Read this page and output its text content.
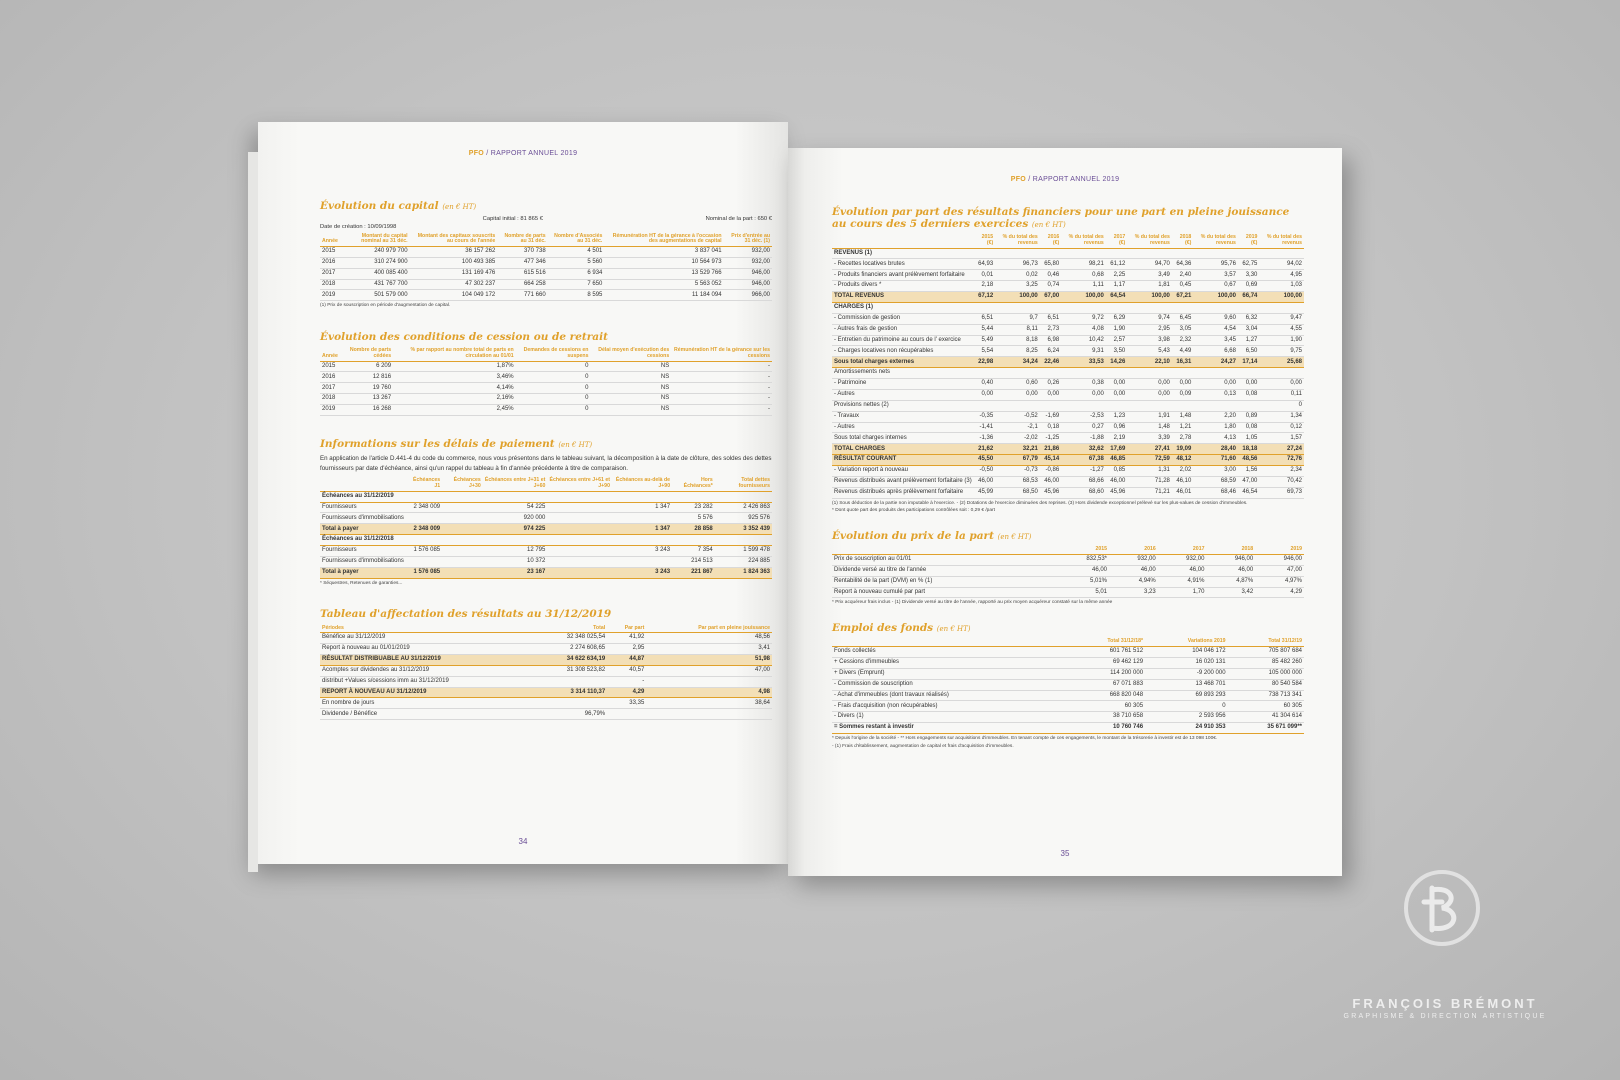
PFO / RAPPORT ANNUEL 2019
Évolution du capital (en € HT)
Capital initial : 81 865 €	Nominal de la part : 650 €
Date de création : 10/09/1998
Année	Montant du capital nominal au 31 déc.	Montant des capitaux souscrits au cours de l'année	Nombre de parts au 31 déc.	Nombre d'Associés au 31 déc.	Rémunération HT de la gérance à l'occasion des augmentations de capital	Prix d'entrée au 31 déc. (1)
2015	240 979 700	36 157 262	370 738	4 501	3 837 041	932,00
2016	310 274 900	100 493 385	477 346	5 560	10 564 973	932,00
2017	400 085 400	131 169 476	615 516	6 934	13 529 766	946,00
2018	431 767 700	47 302 237	664 258	7 650	5 563 052	946,00
2019	501 579 000	104 049 172	771 660	8 595	11 184 094	966,00
(1) Prix de souscription en période d'augmentation de capital.
Évolution des conditions de cession ou de retrait
Année	Nombre de parts cédées	% par rapport au nombre total de parts en circulation au 01/01	Demandes de cessions en suspens	Délai moyen d'exécution des cessions	Rémunération HT de la gérance sur les cessions
2015	6 209	1,87%	0	NS	-
2016	12 816	3,46%	0	NS	-
2017	19 760	4,14%	0	NS	-
2018	13 267	2,16%	0	NS	-
2019	16 268	2,45%	0	NS	-
Informations sur les délais de paiement (en € HT)

En application de l'article D.441-4 du code du commerce, nous vous présentons dans le tableau suivant, la décomposition à la date de clôture, des soldes des dettes fournisseurs par date d'échéance, ainsi qu'un rappel du tableau à fin d'année précédente à titre de comparaison.

	Échéances J1	Échéances J+30	Échéances entre J+31 et J+60	Échéances entre J+61 et J+90	Échéances au-delà de J+90	Hors Échéances*	Total dettes fournisseurs
Échéances au 31/12/2019							
Fournisseurs	2 348 009		54 225		1 347	23 282	2 426 863
Fournisseurs d'immobilisations			920 000			5 576	925 576
Total à payer	2 348 009		974 225		1 347	28 858	3 352 439
Échéances au 31/12/2018							
Fournisseurs	1 576 085		12 795		3 243	7 354	1 599 478
Fournisseurs d'immobilisations			10 372			214 513	224 885
Total à payer	1 576 085		23 167		3 243	221 867	1 824 363
* Séquestres, Retenues de garanties...
Tableau d'affectation des résultats au 31/12/2019
Périodes	Total	Par part	Par part en pleine jouissance
Bénéfice au 31/12/2019	32 348 025,54	41,92	48,56
Report à nouveau au 01/01/2019	2 274 608,65	2,95	3,41
RÉSULTAT DISTRIBUABLE AU 31/12/2019	34 622 634,19	44,87	51,98
Acomptes sur dividendes au 31/12/2019	31 308 523,82	40,57	47,00
distribut +Values s/cessions imm au 31/12/2019		-	
REPORT À NOUVEAU AU 31/12/2019	3 314 110,37	4,29	4,98
En nombre de jours		33,35	38,64
Dividende / Bénéfice	96,79%		
34
PFO / RAPPORT ANNUEL 2019
Évolution par part des résultats financiers pour une part en pleine jouissance au cours des 5 derniers exercices (en € HT)
	2015 (€)	% du total des revenus	2016 (€)	% du total des revenus	2017 (€)	% du total des revenus	2018 (€)	% du total des revenus	2019 (€)	% du total des revenus
REVENUS (1)										
- Recettes locatives brutes	64,93	96,73	65,80	98,21	61,12	94,70	64,36	95,76	62,75	94,02
- Produits financiers avant prélèvement forfaitaire	0,01	0,02	0,46	0,68	2,25	3,49	2,40	3,57	3,30	4,95
- Produits divers *	2,18	3,25	0,74	1,11	1,17	1,81	0,45	0,67	0,69	1,03
TOTAL REVENUS	67,12	100,00	67,00	100,00	64,54	100,00	67,21	100,00	66,74	100,00
CHARGES (1)										
- Commission de gestion	6,51	9,7	6,51	9,72	6,29	9,74	6,45	9,60	6,32	9,47
- Autres frais de gestion	5,44	8,11	2,73	4,08	1,90	2,95	3,05	4,54	3,04	4,55
- Entretien du patrimoine au cours de l' exercice	5,49	8,18	6,98	10,42	2,57	3,98	2,32	3,45	1,27	1,90
- Charges locatives non récupérables	5,54	8,25	6,24	9,31	3,50	5,43	4,49	6,68	6,50	9,75
Sous total charges externes	22,98	34,24	22,46	33,53	14,26	22,10	16,31	24,27	17,14	25,68
Amortissements nets										
- Patrimoine	0,40	0,60	0,26	0,38	0,00	0,00	0,00	0,00	0,00	0,00
- Autres	0,00	0,00	0,00	0,00	0,00	0,00	0,09	0,13	0,08	0,11
Provisions nettes (2)										0
- Travaux	-0,35	-0,52	-1,69	-2,53	1,23	1,91	1,48	2,20	0,89	1,34
- Autres	-1,41	-2,1	0,18	0,27	0,96	1,48	1,21	1,80	0,08	0,12
Sous total charges internes	-1,36	-2,02	-1,25	-1,88	2,19	3,39	2,78	4,13	1,05	1,57
TOTAL CHARGES	21,62	32,21	21,86	32,62	17,69	27,41	19,09	28,40	18,18	27,24
RÉSULTAT COURANT	45,50	67,79	45,14	67,38	46,85	72,59	48,12	71,60	48,56	72,76
- Variation report à nouveau	-0,50	-0,73	-0,86	-1,27	0,85	1,31	2,02	3,00	1,56	2,34
Revenus distribués avant prélèvement forfaitaire (3)	46,00	68,53	46,00	68,66	46,00	71,28	46,10	68,59	47,00	70,42
Revenus distribués après prélèvement forfaitaire	45,99	68,50	45,96	68,60	45,96	71,21	46,01	68,46	46,54	69,73
(1) Sous déduction de la partie non imputable à l'exercice. - (2) Dotations de l'exercice diminuées des reprises. (3) Hors dividende exceptionnel prélevé sur les plus-values de cession d'immeubles.
* Dont quote part des produits des participations contrôlées soit : 0,29 € /part
Évolution du prix de la part (en € HT)
	2015	2016	2017	2018	2019
Prix de souscription au 01/01	832,53*	932,00	932,00	946,00	946,00
Dividende versé au titre de l'année	46,00	46,00	46,00	46,00	47,00
Rentabilité de la part (DVM) en % (1)	5,01%	4,94%	4,91%	4,87%	4,97%
Report à nouveau cumulé par part	5,01	3,23	1,70	3,42	4,29
* Prix acquéreur frais inclus - (1) Dividende versé au titre de l'année, rapporté au prix moyen acquéreur constaté sur la même année
Emploi des fonds (en € HT)
	Total 31/12/18*	Variations 2019	Total 31/12/19
Fonds collectés	601 761 512	104 046 172	705 807 684
+ Cessions d'immeubles	69 462 129	16 020 131	85 482 260
+ Divers (Emprunt)	114 200 000	-9 200 000	105 000 000
- Commission de souscription	67 071 883	13 468 701	80 540 584
- Achat d'immeubles (dont travaux réalisés)	668 820 048	69 893 293	738 713 341
- Frais d'acquisition (non récupérables)	60 305	0	60 305
- Divers (1)	38 710 658	2 593 956	41 304 614
= Sommes restant à investir	10 760 746	24 910 353	35 671 099**
* Depuis l'origine de la société - ** Hors engagements sur acquisitions d'immeubles. En tenant compte de ces engagements, le montant de la trésorerie à investir est de 13 098 100€.
- (1) Frais d'établissement, augmentation de capital et frais d'acquisition d'immeubles.
35
FRANÇOIS BRÉMONT
GRAPHISME & DIRECTION ARTISTIQUE
